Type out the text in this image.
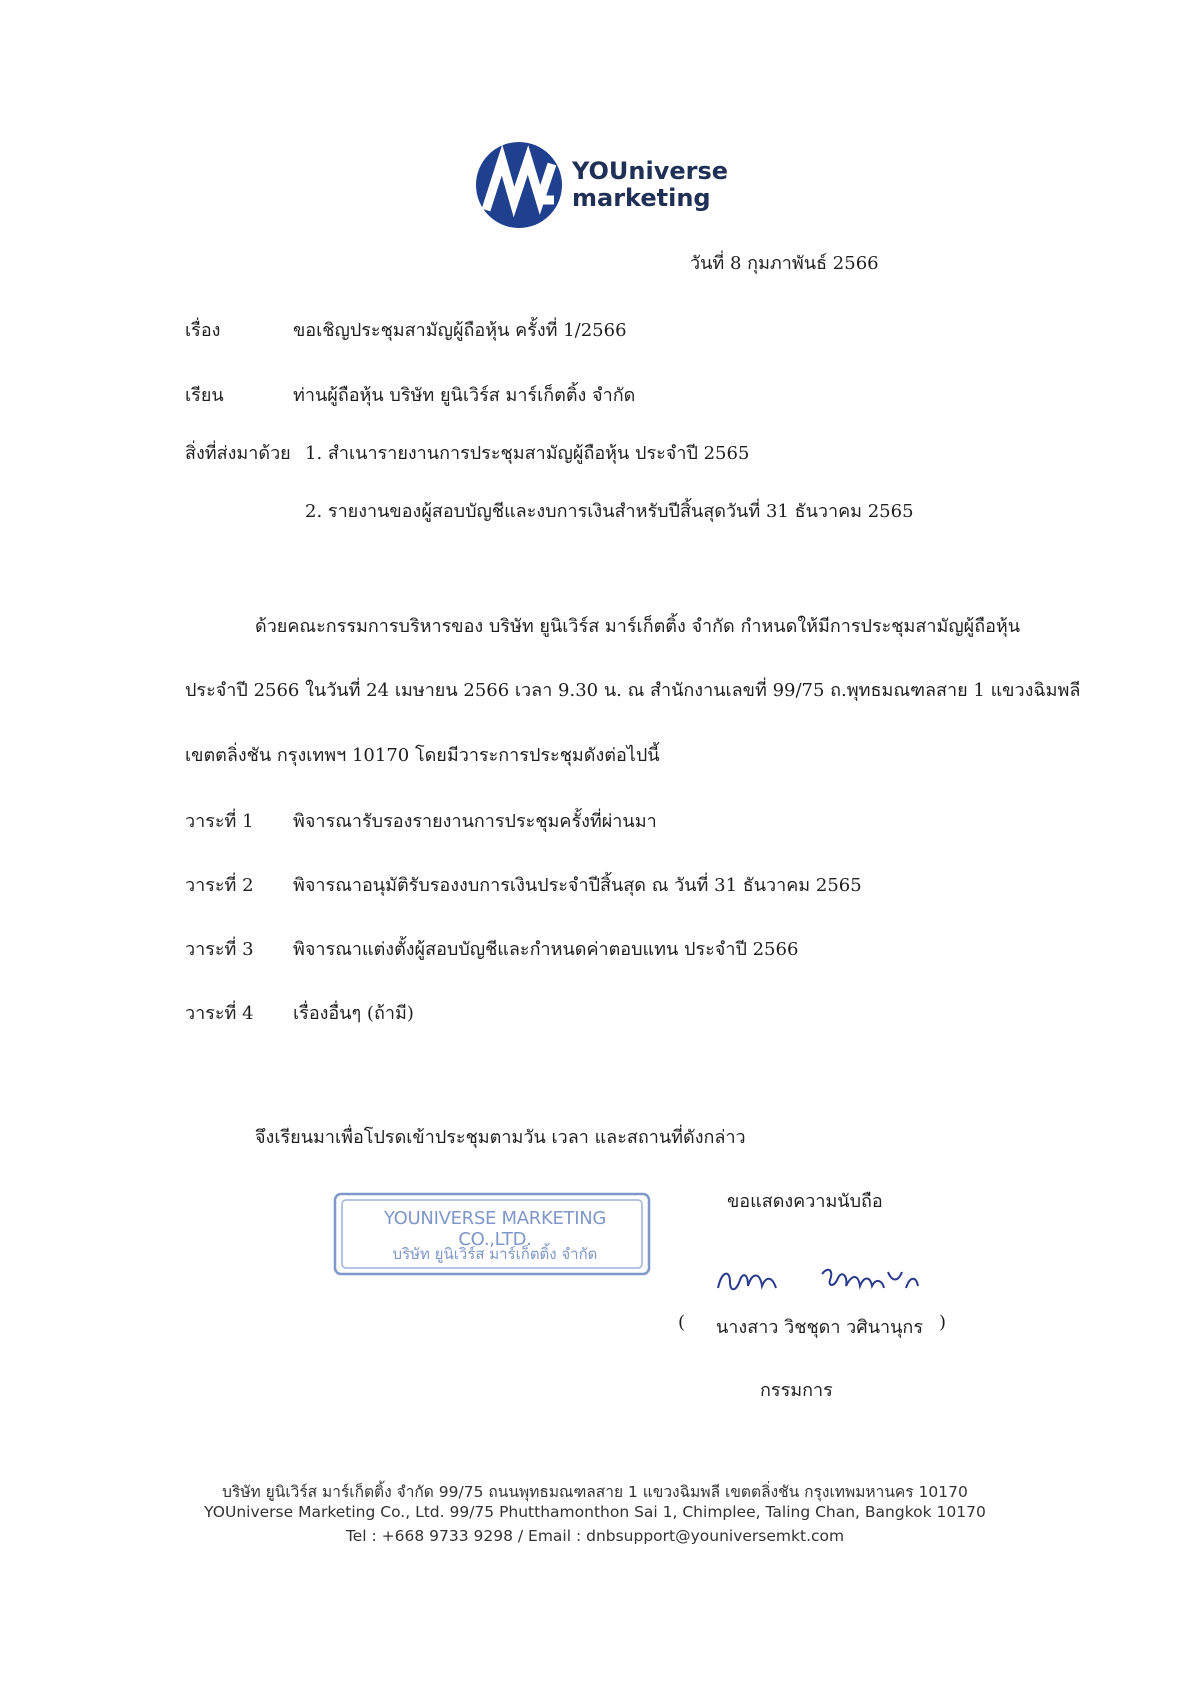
YOUniverse
marketing
วันที่ 8 กุมภาพันธ์ 2566
เรื่อง	ขอเชิญประชุมสามัญผู้ถือหุ้น ครั้งที่ 1/2566
เรียน	ท่านผู้ถือหุ้น บริษัท ยูนิเวิร์ส มาร์เก็ตติ้ง จำกัด
สิ่งที่ส่งมาด้วย 1. สำเนารายงานการประชุมสามัญผู้ถือหุ้น ประจำปี 2565
2. รายงานของผู้สอบบัญชีและงบการเงินสำหรับปีสิ้นสุดวันที่ 31 ธันวาคม 2565
ด้วยคณะกรรมการบริหารของ บริษัท ยูนิเวิร์ส มาร์เก็ตติ้ง จำกัด กำหนดให้มีการประชุมสามัญผู้ถือหุ้น
ประจำปี 2566 ในวันที่ 24 เมษายน 2566 เวลา 9.30 น. ณ สำนักงานเลขที่ 99/75 ถ.พุทธมณฑลสาย 1 แขวงฉิมพลี
เขตตลิ่งชัน กรุงเทพฯ 10170 โดยมีวาระการประชุมดังต่อไปนี้
วาระที่ 1 พิจารณารับรองรายงานการประชุมครั้งที่ผ่านมา
วาระที่ 2 พิจารณาอนุมัติรับรองงบการเงินประจำปีสิ้นสุด ณ วันที่ 31 ธันวาคม 2565
วาระที่ 3 พิจารณาแต่งตั้งผู้สอบบัญชีและกำหนดค่าตอบแทน ประจำปี 2566
วาระที่ 4 เรื่องอื่นๆ (ถ้ามี)
จึงเรียนมาเพื่อโปรดเข้าประชุมตามวัน เวลา และสถานที่ดังกล่าว
ขอแสดงความนับถือ
YOUNIVERSE MARKETING CO.,LTD.
บริษัท ยูนิเวิร์ส มาร์เก็ตติ้ง จำกัด
( นางสาว วิชชุดา วศินานุกร )
กรรมการ
บริษัท ยูนิเวิร์ส มาร์เก็ตติ้ง จำกัด 99/75 ถนนพุทธมณฑลสาย 1 แขวงฉิมพลี เขตตลิ่งชัน กรุงเทพมหานคร 10170
YOUniverse Marketing Co., Ltd. 99/75 Phutthamonthon Sai 1, Chimplee, Taling Chan, Bangkok 10170
Tel : +668 9733 9298 / Email : dnbsupport@youniversemkt.com
